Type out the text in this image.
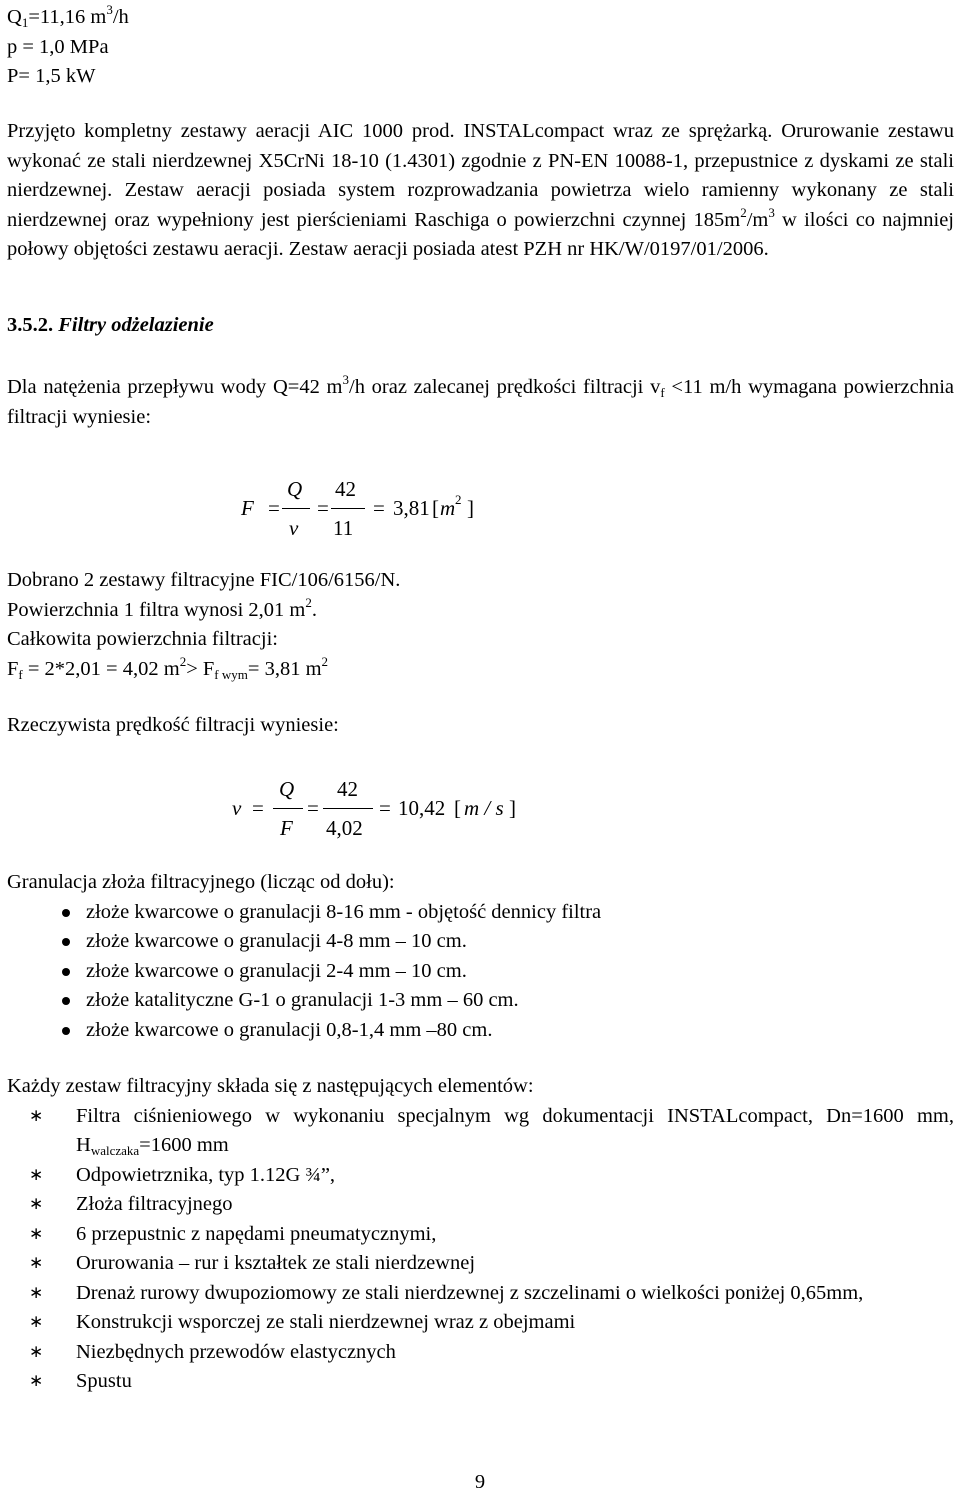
$Q_1=11,16$ $m^3/h$

p = 1,0 MPa

P= 1,5 kW

Przyjęto kompletny zestawy aeracji AIC 1000 prod. INSTALcompact wraz ze sprężarką. Orurowanie zestawu wykonać ze stali nierdzewnej X5CrNi 18-10 (1.4301) zgodnie z PN-EN 10088-1, przepustnice z dyskami ze stali nierdzewnej. Zestaw aeracji posiada system rozprowadzania powietrza wielo ramienny wykonany ze stali nierdzewnej oraz wypełniony jest pierścieniami Raschiga o powierzchni czynnej $185m^2/m^3$ w ilości co najmniej połowy objętości zestawu aeracji. Zestaw aeracji posiada atest PZH nr HK/W/0197/01/2006.

3.5.2. Filtry odżelazienie

Dla natężenia przepływu wody Q=42 $m^3/h$ oraz zalecanej prędkości filtracji $v_f <11$ m/h wymagana powierzchnia filtracji wyniesie:

F =
Q
v
=
42
11
= 3,81 [ m 2 ]

Dobrano 2 zestawy filtracyjne FIC/106/6156/N.

Powierzchnia 1 filtra wynosi 2,01 $m^2$.

Całkowita powierzchnia filtracji:

$F_f = 2*2,01 = 4,02$ $m^2> F_{f wym}= 3,81$ $m^2$

Rzeczywista prędkość filtracji wyniesie:
v =
Q
F
=
42
4,02
= 10,42 [ m / s ]

Granulacja złoża filtracyjnego (licząc od dołu):

złoże kwarcowe o granulacji 8-16 mm - objętość dennicy filtra
złoże kwarcowe o granulacji 4-8 mm – 10 cm.
złoże kwarcowe o granulacji 2-4 mm – 10 cm.
złoże katalityczne G-1 o granulacji 1-3 mm – 60 cm.
złoże kwarcowe o granulacji 0,8-1,4 mm –80 cm.

Każdy zestaw filtracyjny składa się z następujących elementów:

∗ Filtra ciśnieniowego w wykonaniu specjalnym wg dokumentacji INSTALcompact, Dn=1600 mm, $H_{walczaka}=1600$ mm
∗ Odpowietrznika, typ 1.12G ¾”,
∗ Złoża filtracyjnego
∗ 6 przepustnic z napędami pneumatycznymi,
∗ Orurowania – rur i kształtek ze stali nierdzewnej
∗ Drenaż rurowy dwupoziomowy ze stali nierdzewnej z szczelinami o wielkości poniżej 0,65mm,
∗ Konstrukcji wsporczej ze stali nierdzewnej wraz z obejmami
∗ Niezbędnych przewodów elastycznych
∗ Spustu
9
